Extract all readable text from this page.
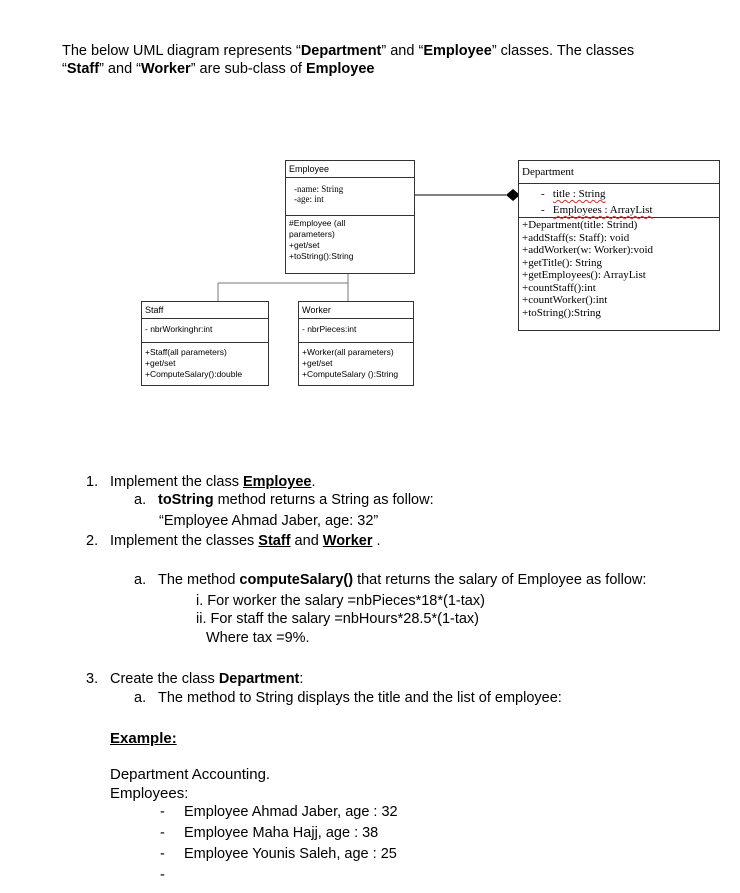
The below UML diagram represents “Department” and “Employee” classes. The classes
“Staff” and “Worker” are sub-class of Employee
Employee
-name: String
-age: int
#Employee (all
parameters)
+get/set
+toString():String
Staff
- nbrWorkinghr:int
+Staff(all parameters)
+get/set
+ComputeSalary():double
Worker
- nbrPieces:int
+Worker(all parameters)
+get/set
+ComputeSalary ():String
Department
-   title : String
-   Employees : ArrayList
+Department(title: Strind)
+addStaff(s: Staff): void
+addWorker(w: Worker):void
+getTitle(): String
+getEmployees(): ArrayList
+countStaff():int
+countWorker():int
+toString():String
1. Implement the class Employee.
a. toString method returns a String as follow:
“Employee Ahmad Jaber, age: 32”
2. Implement the classes Staff and Worker .
a. The method computeSalary() that returns the salary of Employee as follow:
i. For worker the salary =nbPieces*18*(1-tax)
ii. For staff the salary =nbHours*28.5*(1-tax)
Where tax =9%.
3. Create the class Department:
a. The method to String displays the title and the list of employee:
Example:
Department Accounting.
Employees:
- Employee Ahmad Jaber, age : 32
- Employee Maha Hajj, age : 38
- Employee Younis Saleh, age : 25
-
